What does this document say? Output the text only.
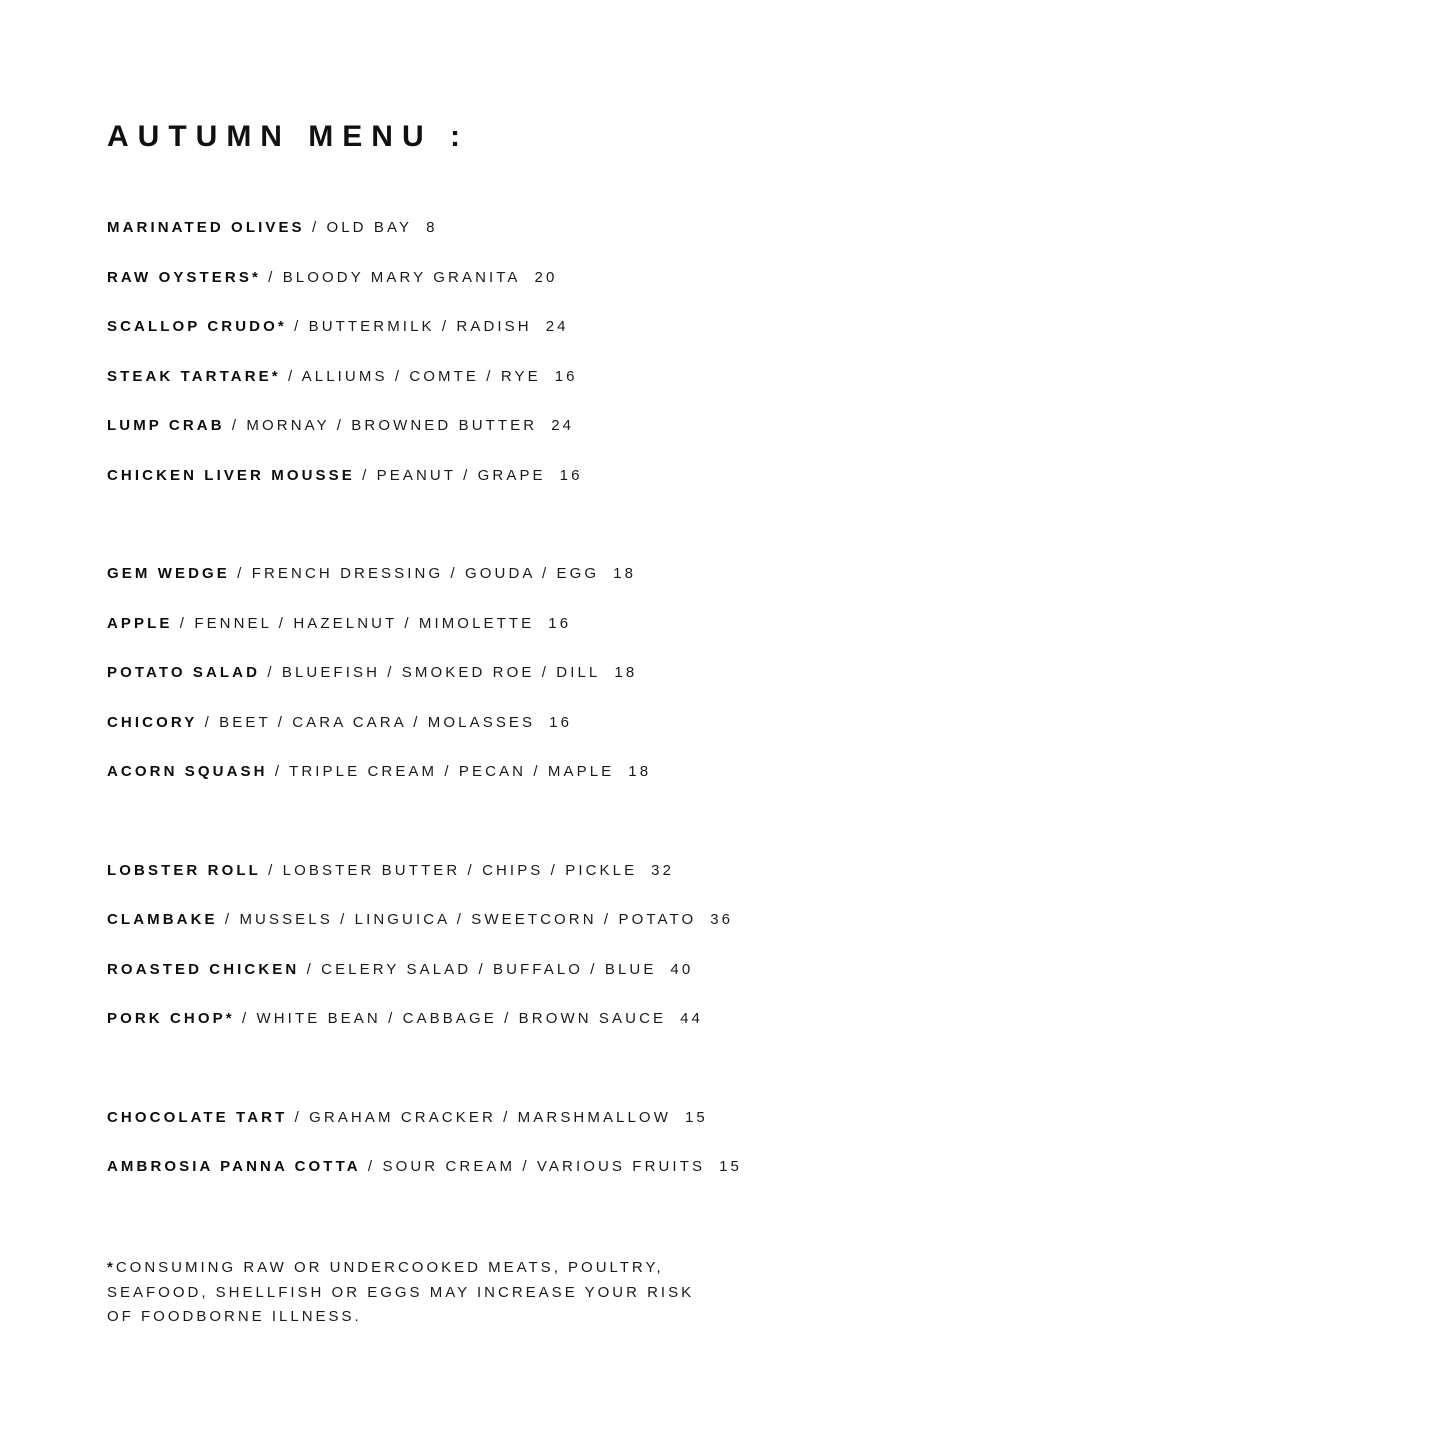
AUTUMN MENU :
MARINATED OLIVES / OLD BAY 8
RAW OYSTERS* / BLOODY MARY GRANITA 20
SCALLOP CRUDO* / BUTTERMILK / RADISH 24
STEAK TARTARE* / ALLIUMS / COMTE / RYE 16
LUMP CRAB / MORNAY / BROWNED BUTTER 24
CHICKEN LIVER MOUSSE / PEANUT / GRAPE 16
GEM WEDGE / FRENCH DRESSING / GOUDA / EGG 18
APPLE / FENNEL / HAZELNUT / MIMOLETTE 16
POTATO SALAD / BLUEFISH / SMOKED ROE / DILL 18
CHICORY / BEET / CARA CARA / MOLASSES 16
ACORN SQUASH / TRIPLE CREAM / PECAN / MAPLE 18
LOBSTER ROLL / LOBSTER BUTTER / CHIPS / PICKLE 32
CLAMBAKE / MUSSELS / LINGUICA / SWEETCORN / POTATO 36
ROASTED CHICKEN / CELERY SALAD / BUFFALO / BLUE 40
PORK CHOP* / WHITE BEAN / CABBAGE / BROWN SAUCE 44
CHOCOLATE TART / GRAHAM CRACKER / MARSHMALLOW 15
AMBROSIA PANNA COTTA / SOUR CREAM / VARIOUS FRUITS 15
*CONSUMING RAW OR UNDERCOOKED MEATS, POULTRY,
SEAFOOD, SHELLFISH OR EGGS MAY INCREASE YOUR RISK
OF FOODBORNE ILLNESS.
